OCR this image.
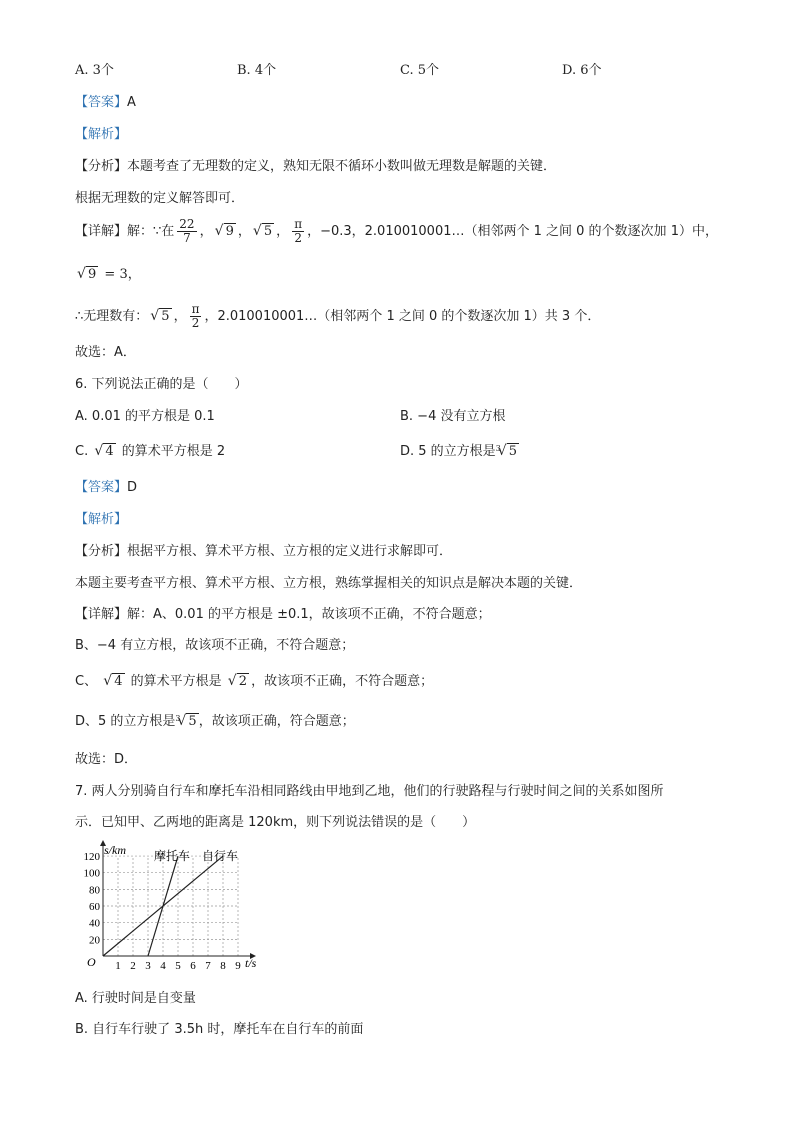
A. 3个	B. 4个	C. 5个	D. 6个
【答案】A
【解析】
【分析】本题考查了无理数的定义，熟知无限不循环小数叫做无理数是解题的关键．
根据无理数的定义解答即可．
【详解】解：∵在 $\frac{22}{7}$ ， √ 9 ， √ 5 ， $\frac{\pi}{2}$ ，−0.3，2.010010001…（相邻两个 1 之间 0 的个数逐次加 1）中，
√ 9 = 3，
∴无理数有： √ 5 ， $\frac{\pi}{2}$ ，2.010010001…（相邻两个 1 之间 0 的个数逐次加 1）共 3 个．
故选：A．
6. 下列说法正确的是（　　）
A. 0.01 的平方根是 0.1	B. −4 没有立方根
C. √ 4 的算术平方根是 2	D. 5 的立方根是 √ 3 5
【答案】D
【解析】
【分析】根据平方根、算术平方根、立方根的定义进行求解即可．
本题主要考查平方根、算术平方根、立方根，熟练掌握相关的知识点是解决本题的关键．
【详解】解：A、0.01 的平方根是 ±0.1，故该项不正确，不符合题意；
B、−4 有立方根，故该项不正确，不符合题意；
C、 √ 4 的算术平方根是 √ 2 ，故该项不正确，不符合题意；
D、5 的立方根是 √ 3 5 ，故该项正确，符合题意；
故选：D．
7. 两人分别骑自行车和摩托车沿相同路线由甲地到乙地，他们的行驶路程与行驶时间之间的关系如图所
示．已知甲、乙两地的距离是 120km，则下列说法错误的是（　　）
1 2 3 4 5 6 7 8 9
20
40
60
80
100
120
s/km
t/s
O
摩托车 自行车
A. 行驶时间是自变量
B. 自行车行驶了 3.5h 时，摩托车在自行车的前面
